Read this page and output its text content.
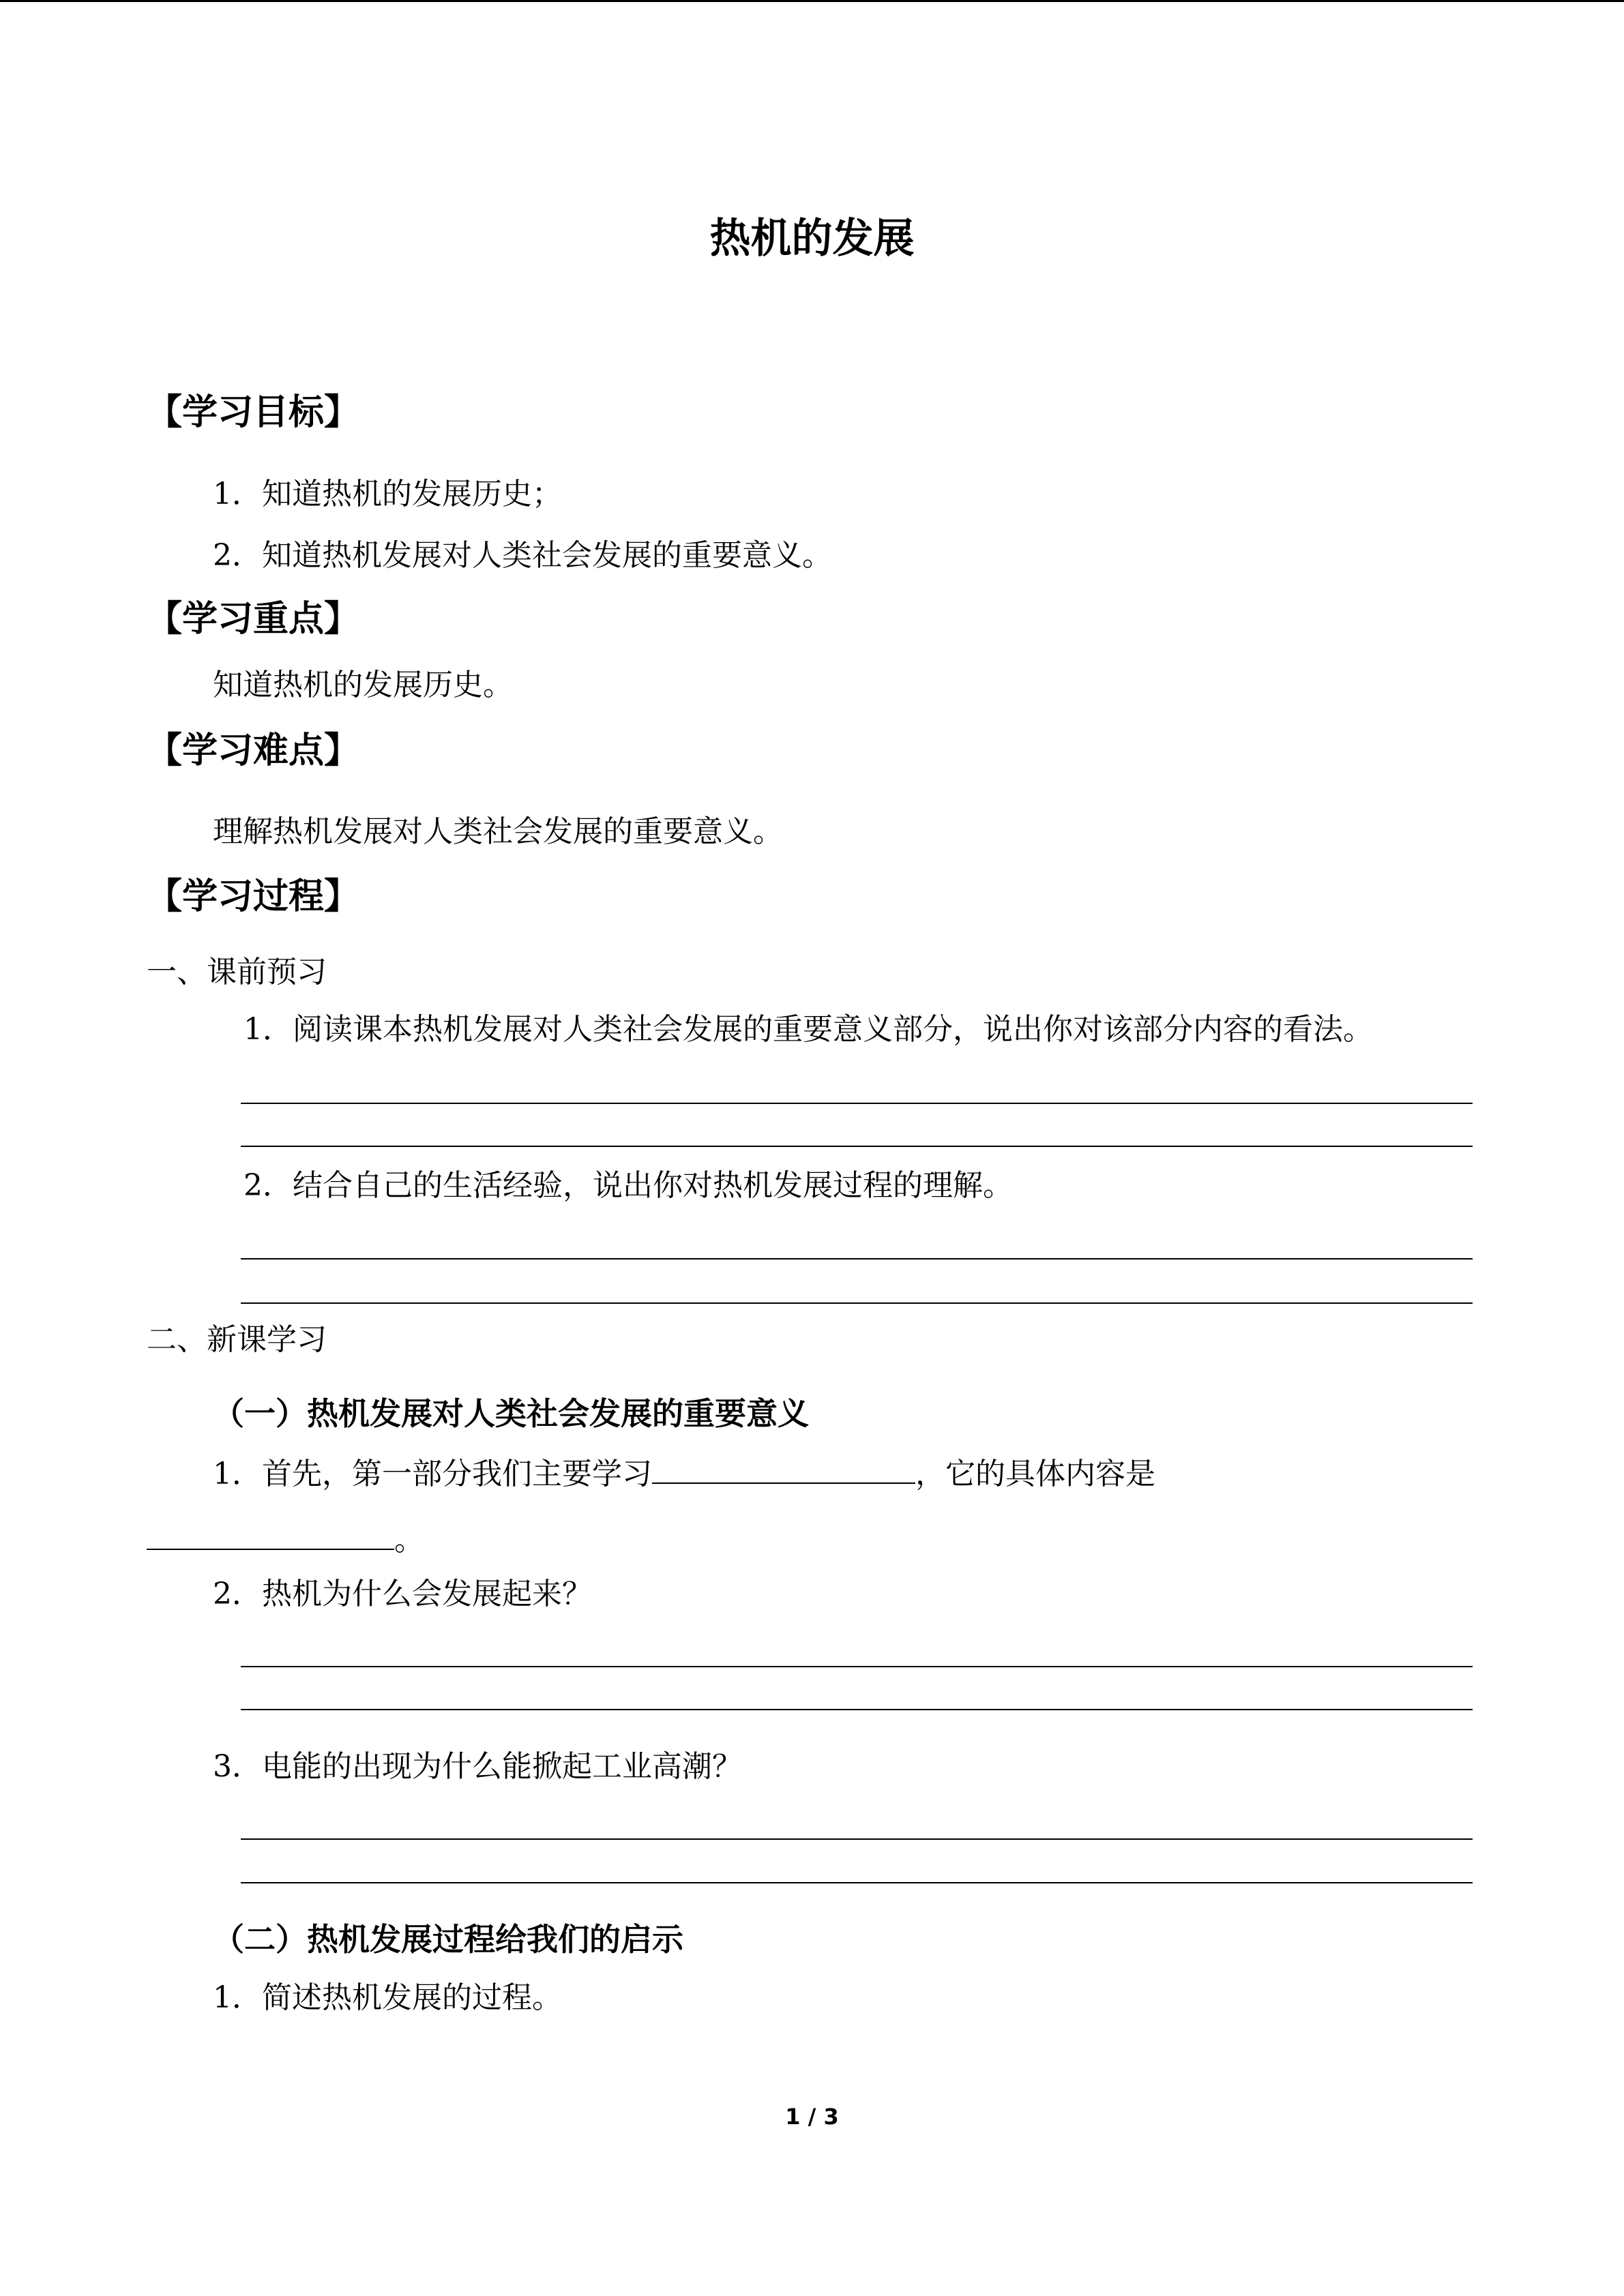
热机的发展
【学习目标】
1．知道热机的发展历史；
2．知道热机发展对人类社会发展的重要意义。
【学习重点】
知道热机的发展历史。
【学习难点】
理解热机发展对人类社会发展的重要意义。
【学习过程】
一、课前预习
1．阅读课本热机发展对人类社会发展的重要意义部分，说出你对该部分内容的看法。
2．结合自己的生活经验，说出你对热机发展过程的理解。
二、新课学习
（一）热机发展对人类社会发展的重要意义
1．首先，第一部分我们主要学习	，它的具体内容是
。
2．热机为什么会发展起来？
3．电能的出现为什么能掀起工业高潮？
（二）热机发展过程给我们的启示
1．简述热机发展的过程。
1 / 3
